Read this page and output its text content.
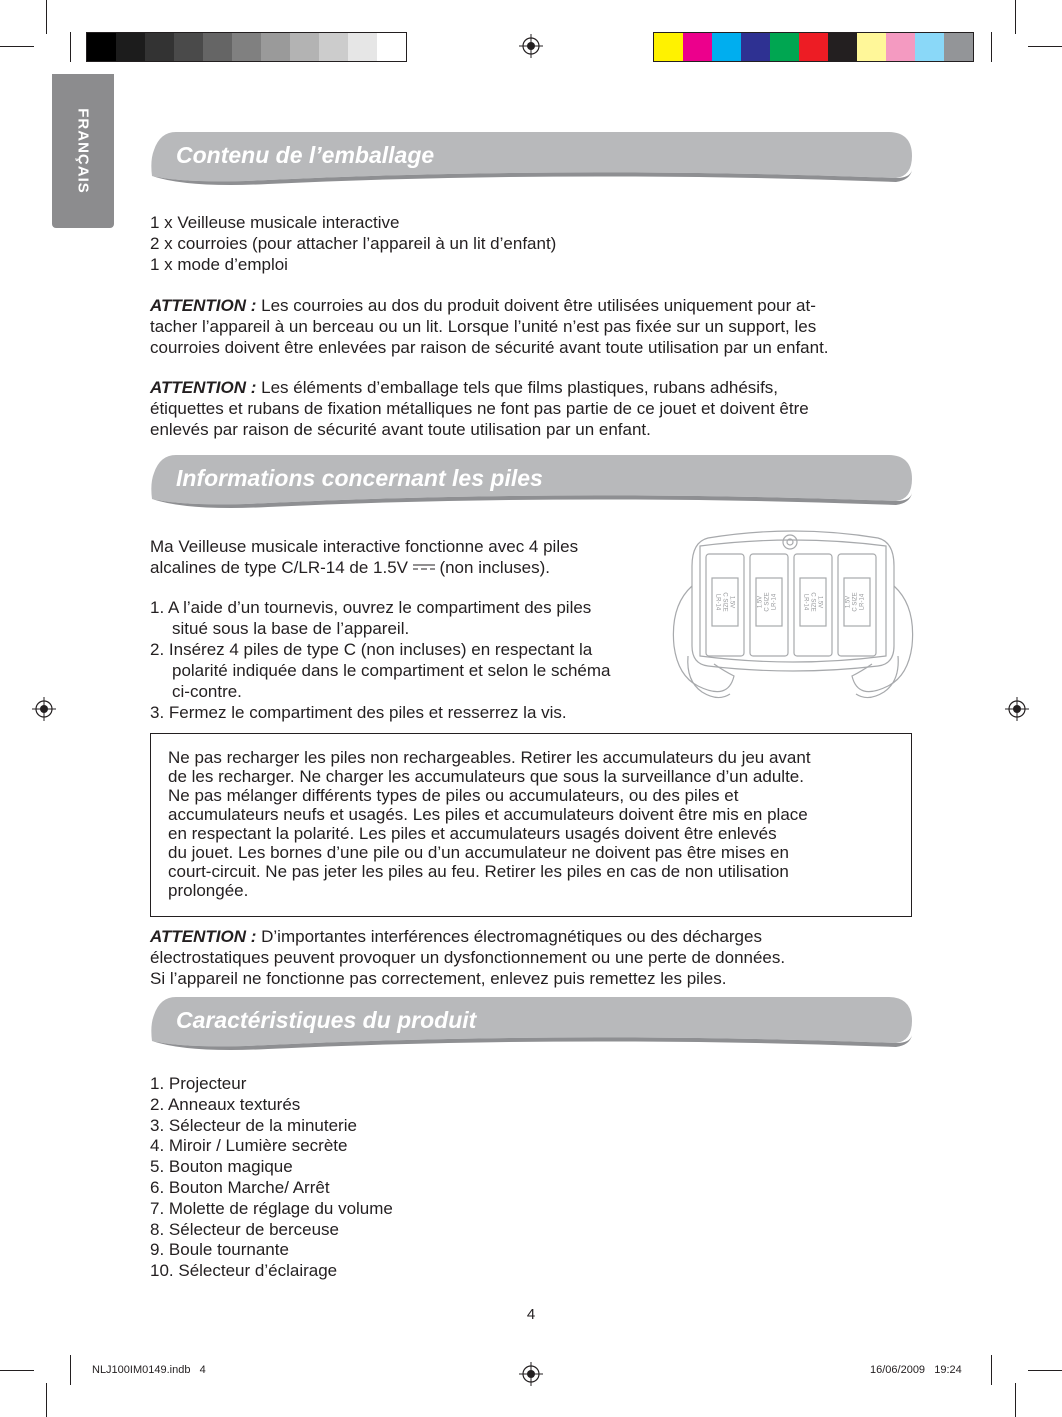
FRANÇAIS	Contenu de l’emballage
1 x Veilleuse musicale interactive
2 x courroies (pour attacher l’appareil à un lit d’enfant)
1 x mode d’emploi
ATTENTION : Les courroies au dos du produit doivent être utilisées uniquement pour at-
tacher l’appareil à un berceau ou un lit. Lorsque l’unité n’est pas fixée sur un support, les
courroies doivent être enlevées par raison de sécurité avant toute utilisation par un enfant.
ATTENTION : Les éléments d’emballage tels que films plastiques, rubans adhésifs,
étiquettes et rubans de fixation métalliques ne font pas partie de ce jouet et doivent être
enlevés par raison de sécurité avant toute utilisation par un enfant.
Informations concernant les piles
Ma Veilleuse musicale interactive fonctionne avec 4 piles
alcalines de type C/LR-14 de 1.5V  (non incluses).
1. A l’aide d’un tournevis, ouvrez le compartiment des piles
situé sous la base de l’appareil.
2. Insérez 4 piles de type C (non incluses) en respectant la
polarité indiquée dans le compartiment et selon le schéma
ci-contre.
3. Fermez le compartiment des piles et resserrez la vis.
1.5V
C SIZE
LR-14	1.5V C SIZE LR-14	1.5V
C SIZE
LR-14	1.5V C SIZE LR-14
Ne pas recharger les piles non rechargeables. Retirer les accumulateurs du jeu avant
de les recharger. Ne charger les accumulateurs que sous la surveillance d’un adulte.
Ne pas mélanger différents types de piles ou accumulateurs, ou des piles et
accumulateurs neufs et usagés. Les piles et accumulateurs doivent être mis en place
en respectant la polarité. Les piles et accumulateurs usagés doivent être enlevés
du jouet. Les bornes d’une pile ou d’un accumulateur ne doivent pas être mises en
court-circuit. Ne pas jeter les piles au feu. Retirer les piles en cas de non utilisation
prolongée.
ATTENTION : D’importantes interférences électromagnétiques ou des décharges
électrostatiques peuvent provoquer un dysfonctionnement ou une perte de données.
Si l’appareil ne fonctionne pas correctement, enlevez puis remettez les piles.
Caractéristiques du produit
1. Projecteur
2. Anneaux texturés
3. Sélecteur de la minuterie
4. Miroir / Lumière secrète
5. Bouton magique
6. Bouton Marche/ Arrêt
7. Molette de réglage du volume
8. Sélecteur de berceuse
9. Boule tournante
10. Sélecteur d’éclairage
4
NLJ100IM0149.indb   4	16/06/2009   19:24
